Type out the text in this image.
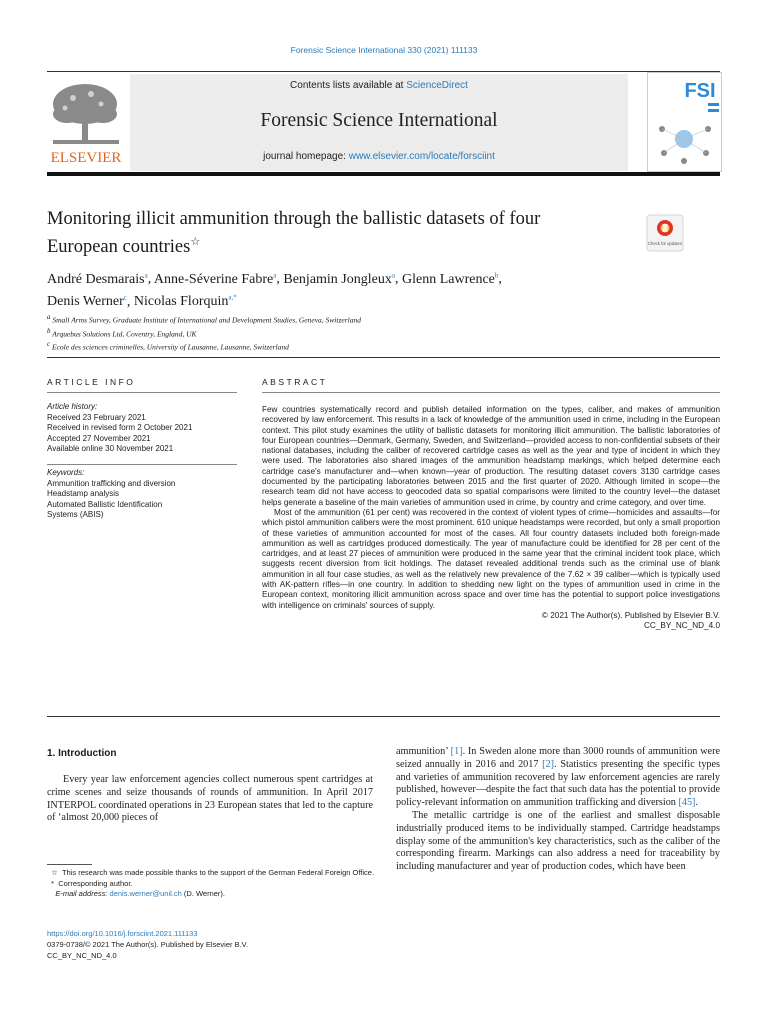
Forensic Science International 330 (2021) 111133
ELSEVIER
Contents lists available at ScienceDirect
Forensic Science International
journal homepage: www.elsevier.com/locate/forsciint
FSI
Monitoring illicit ammunition through the ballistic datasets of four
European countries☆	Check for updates
André Desmarais$^a$, Anne-Séverine Fabre$^a$, Benjamin Jongleux$^a$, Glenn Lawrence$^b$,
Denis Werner$^c$, Nicolas Florquin$^{a,*}$
$^a$ Small Arms Survey, Graduate Institute of International and Development Studies, Geneva, Switzerland
$^b$ Arquebus Solutions Ltd, Coventry, England, UK
$^c$ Ecole des sciences criminelles, University of Lausanne, Lausanne, Switzerland
ARTICLE INFO
Article history:
Received 23 February 2021
Received in revised form 2 October 2021
Accepted 27 November 2021
Available online 30 November 2021
Keywords:
Ammunition trafficking and diversion
Headstamp analysis
Automated Ballistic Identification
Systems (ABIS)
ABSTRACT

Few countries systematically record and publish detailed information on the types, caliber, and makes of ammunition recovered by law enforcement. This results in a lack of knowledge of the ammunition used in crime, including in the European context. This pilot study examines the utility of ballistic datasets for monitoring illicit ammunition. The ballistic laboratories of four European countries—Denmark, Germany, Sweden, and Switzerland—provided access to non-confidential subsets of their national databases, including the caliber of recovered cartridge cases as well as the year and type of incident in which they were used. The laboratories also shared images of the ammunition headstamp markings, which helped determine each cartridge case's manufacturer and—when known—year of production. The resulting dataset covers 3130 cartridge cases documented by the participating laboratories between 2015 and the first quarter of 2020. Although limited in scope—the research team did not have access to geocoded data so spatial comparisons were limited to the country level—the dataset helps generate a baseline of the main varieties of ammunition used in crime, by country and crime category, and over time.

Most of the ammunition (61 per cent) was recovered in the context of violent types of crime—homicides and assaults—for which pistol ammunition calibers were the most prominent. 610 unique headstamps were recorded, but only a small proportion of these varieties of ammunition accounted for most of the cases. All four country datasets included both foreign-made ammunition as well as cartridges produced domestically. The year of manufacture could be identified for 28 per cent of the cartridges, and at least 27 pieces of ammunition were produced in the same year that the criminal incident took place, which suggests recent diversion from licit holdings. The dataset revealed additional trends such as the criminal use of blank ammunition in all four case studies, as well as the relatively new prevalence of the 7.62 × 39 caliber—which is typically used with AK-pattern rifles—in one country. In addition to shedding new light on the types of ammunition used in crime in the European context, monitoring illicit ammunition across space and over time has the potential to support police investigations with intelligence on criminals' sources of supply.

© 2021 The Author(s). Published by Elsevier B.V.

CC_BY_NC_ND_4.0

1. Introduction

Every year law enforcement agencies collect numerous spent cartridges at crime scenes and seize thousands of rounds of ammunition. In April 2017 INTERPOL coordinated operations in 23 European states that led to the capture of ‘almost 20,000 pieces of

ammunition’ [1]. In Sweden alone more than 3000 rounds of ammunition were seized annually in 2016 and 2017 [2]. Statistics presenting the specific types and varieties of ammunition recovered by law enforcement agencies are rarely published, however—despite the fact that such data has the potential to provide policy-relevant information on ammunition trafficking and diversion [45].

The metallic cartridge is one of the earliest and smallest disposable industrially produced items to be individually stamped. Cartridge headstamps display some of the ammunition's key characteristics, such as the caliber of the corresponding firearm. Markings can also address a need for traceability by including manufacturer and year of production codes, which have been

☆ This research was made possible thanks to the support of the German Federal Foreign Office.

* Corresponding author.

E-mail address: denis.werner@unil.ch (D. Werner).

https://doi.org/10.1016/j.forsciint.2021.111133
0379-0738/© 2021 The Author(s). Published by Elsevier B.V.
CC_BY_NC_ND_4.0
